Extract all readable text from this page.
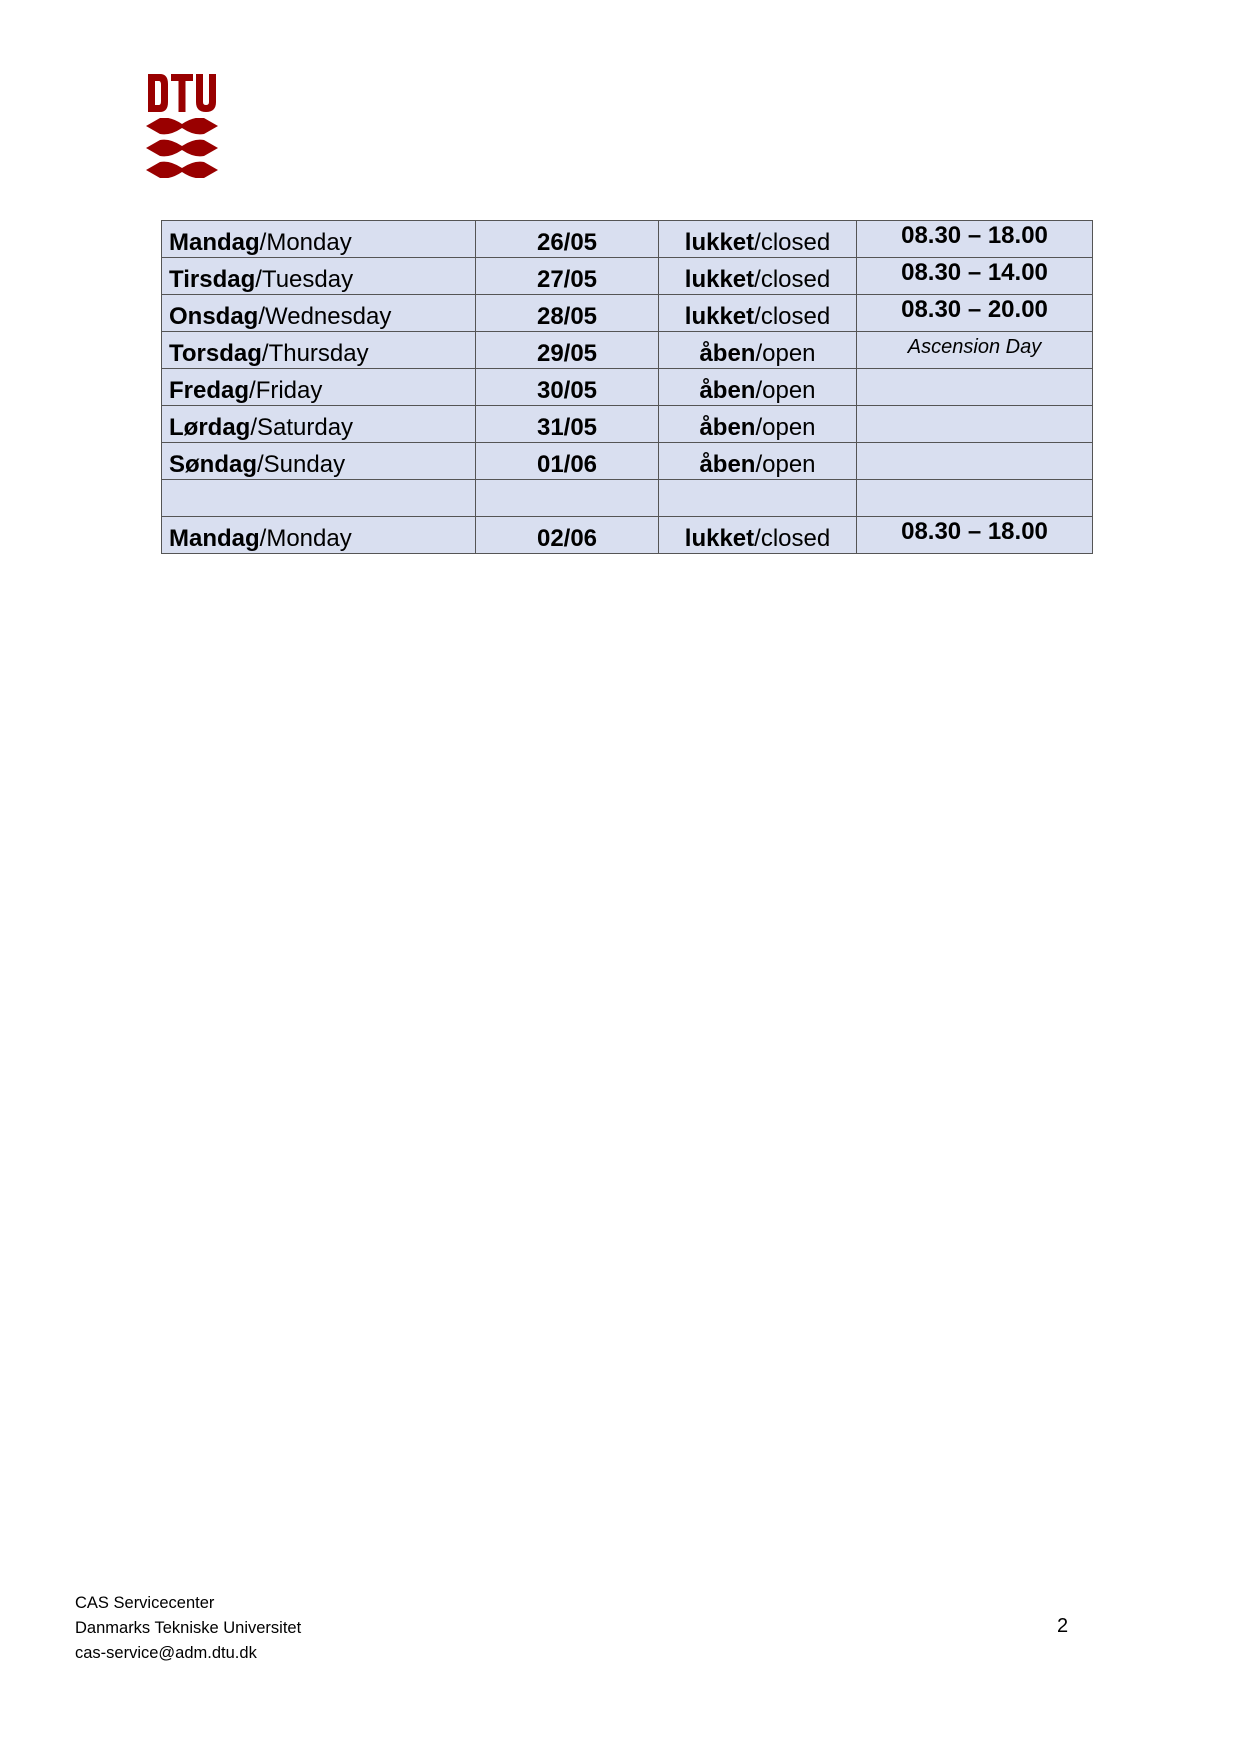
Mandag/Monday	26/05	lukket/closed	08.30 – 18.00

Tirsdag/Tuesday	27/05	lukket/closed	08.30 – 14.00

Onsdag/Wednesday	28/05	lukket/closed	08.30 – 20.00

Torsdag/Thursday	29/05	åben/open	Ascension Day

Fredag/Friday	30/05	åben/open	

Lørdag/Saturday	31/05	åben/open	

Søndag/Sunday	01/06	åben/open	

Mandag/Monday	02/06	lukket/closed	08.30 – 18.00
CAS Servicecenter
Danmarks Tekniske Universitet
cas-service@adm.dtu.dk
2
